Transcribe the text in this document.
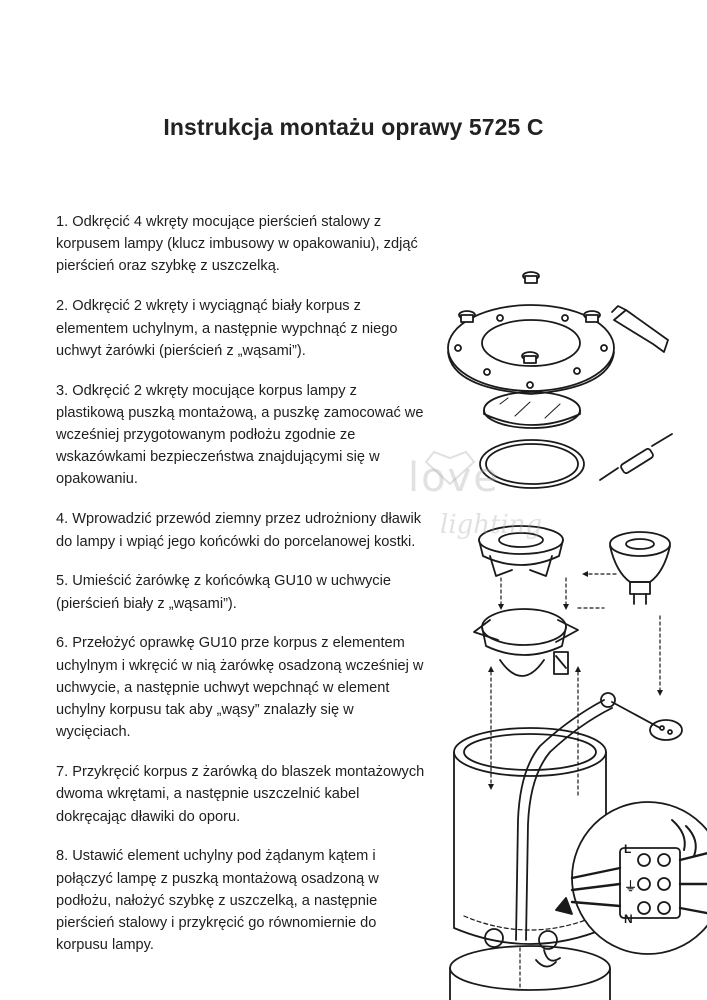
Instrukcja montażu oprawy 5725 C
1. Odkręcić 4 wkręty mocujące pierścień stalowy z korpusem lampy (klucz imbusowy w opakowaniu), zdjąć pierścień oraz szybkę z uszczelką.
2. Odkręcić 2 wkręty i wyciągnąć biały korpus z elementem uchylnym, a następnie wypchnąć z niego uchwyt żarówki (pierścień z „wąsami”).
3. Odkręcić 2 wkręty mocujące korpus lampy z plastikową puszką montażową, a puszkę zamocować we wcześniej przygotowanym podłożu zgodnie ze wskazówkami bezpieczeństwa znajdującymi się w opakowaniu.
4. Wprowadzić przewód ziemny przez udrożniony dławik do lampy i wpiąć jego końcówki do porcelanowej kostki.
5. Umieścić żarówkę z końcówką GU10 w uchwycie (pierścień biały z „wąsami”).
6. Przełożyć oprawkę GU10 prze korpus z elementem uchylnym i wkręcić w nią żarówkę osadzoną wcześniej w uchwycie, a następnie uchwyt wepchnąć w element uchylny korpusu tak aby „wąsy” znalazły się w wycięciach.
7. Przykręcić korpus z żarówką do blaszek montażowych dwoma wkrętami, a następnie uszczelnić kabel dokręcając dławiki do oporu.
8. Ustawić element uchylny pod żądanym kątem i połączyć lampę z puszką montażową osadzoną w podłożu, nałożyć szybkę z uszczelką, a następnie pierścień stalowy i przykręcić go równomiernie do korpusu lampy.
L
⏚
N
love
lighting
